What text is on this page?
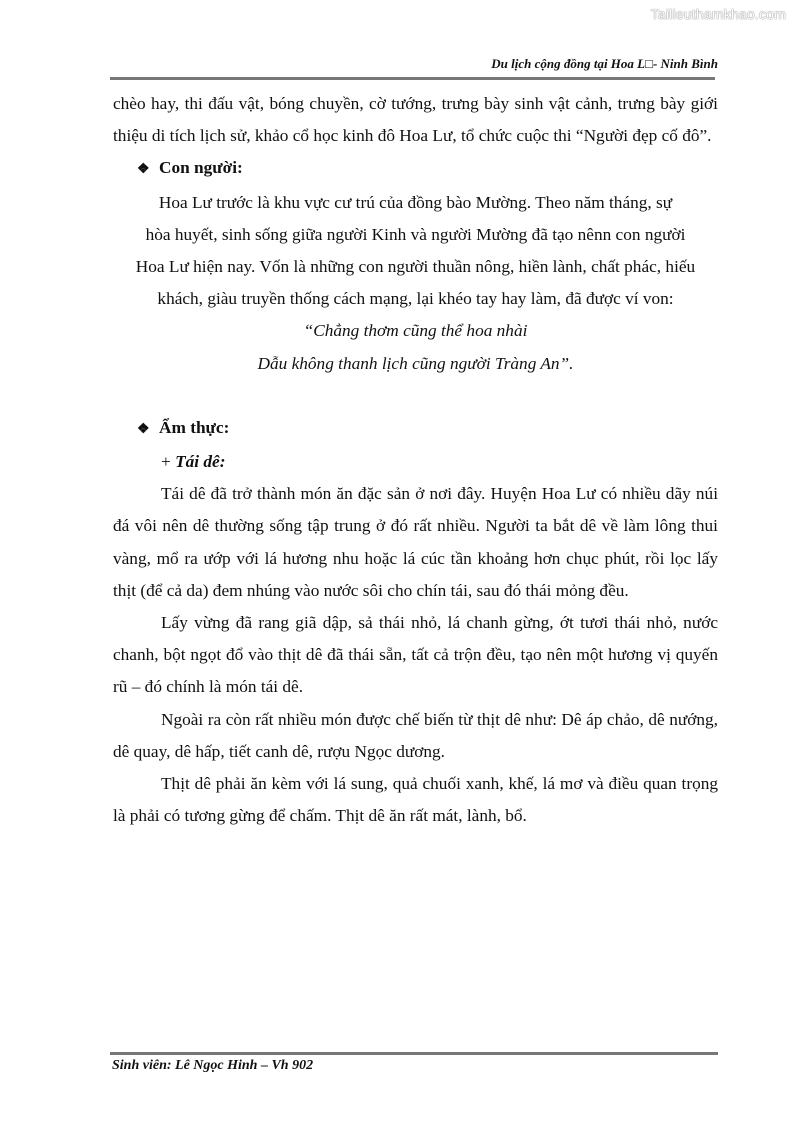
Tailieuthamkhao.com
Du lịch cộng đồng tại Hoa L□- Ninh Bình

chèo hay, thi đấu vật, bóng chuyền, cờ tướng, trưng bày sinh vật cảnh, trưng bày giới thiệu di tích lịch sử, khảo cổ học kinh đô Hoa Lư, tổ chức cuộc thi “Người đẹp cố đô”.

❖ Con người:

Hoa Lư trước là khu vực cư trú của đồng bào Mường. Theo năm tháng, sự

hòa huyết, sinh sống giữa người Kinh và người Mường đã tạo nênn con người

Hoa Lư hiện nay. Vốn là những con người thuần nông, hiền lành, chất phác, hiếu

khách, giàu truyền thống cách mạng, lại khéo tay hay làm, đã được ví von:

“Chẳng thơm cũng thể hoa nhài

Dẫu không thanh lịch cũng người Tràng An”.

❖ Ẩm thực:

+ Tái dê:

Tái dê đã trở thành món ăn đặc sản ở nơi đây. Huyện Hoa Lư có nhiều dãy núi đá vôi nên dê thường sống tập trung ở đó rất nhiều. Người ta bắt dê về làm lông thui vàng, mổ ra ướp với lá hương nhu hoặc lá cúc tần khoảng hơn chục phút, rồi lọc lấy thịt (để cả da) đem nhúng vào nước sôi cho chín tái, sau đó thái mỏng đều.

Lấy vừng đã rang giã dập, sả thái nhỏ, lá chanh gừng, ớt tươi thái nhỏ, nước chanh, bột ngọt đổ vào thịt dê đã thái sẵn, tất cả trộn đều, tạo nên một hương vị quyến rũ – đó chính là món tái dê.

Ngoài ra còn rất nhiều món được chế biến từ thịt dê như: Dê áp chảo, dê nướng, dê quay, dê hấp, tiết canh dê, rượu Ngọc dương.

Thịt dê phải ăn kèm với lá sung, quả chuối xanh, khế, lá mơ và điều quan trọng là phải có tương gừng để chấm. Thịt dê ăn rất mát, lành, bổ.

Sinh viên: Lê Ngọc Hinh – Vh 902
